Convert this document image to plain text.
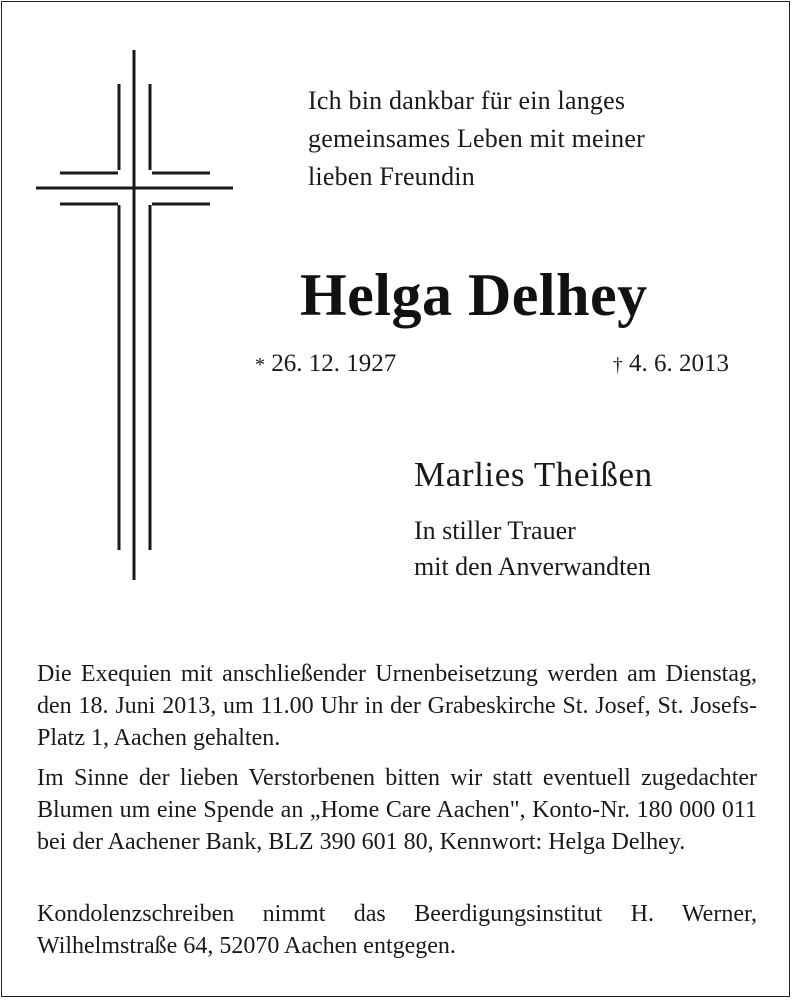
Ich bin dankbar für ein langes
gemeinsames Leben mit meiner
lieben Freundin
Helga Delhey
* 26. 12. 1927	† 4. 6. 2013
Marlies Theißen
In stiller Trauer
mit den Anverwandten
Die Exequien mit anschließender Urnenbeisetzung werden am Dienstag, den 18. Juni 2013, um 11.00 Uhr in der Grabeskirche St. Josef, St. Josefs-Platz 1, Aachen gehalten.
Im Sinne der lieben Verstorbenen bitten wir statt eventuell zugedachter Blumen um eine Spende an „Home Care Aachen", Konto-Nr. 180 000 011 bei der Aachener Bank, BLZ 390 601 80, Kennwort: Helga Delhey.
Kondolenzschreiben nimmt das Beerdigungsinstitut H. Werner, Wilhelmstraße 64, 52070 Aachen entgegen.
